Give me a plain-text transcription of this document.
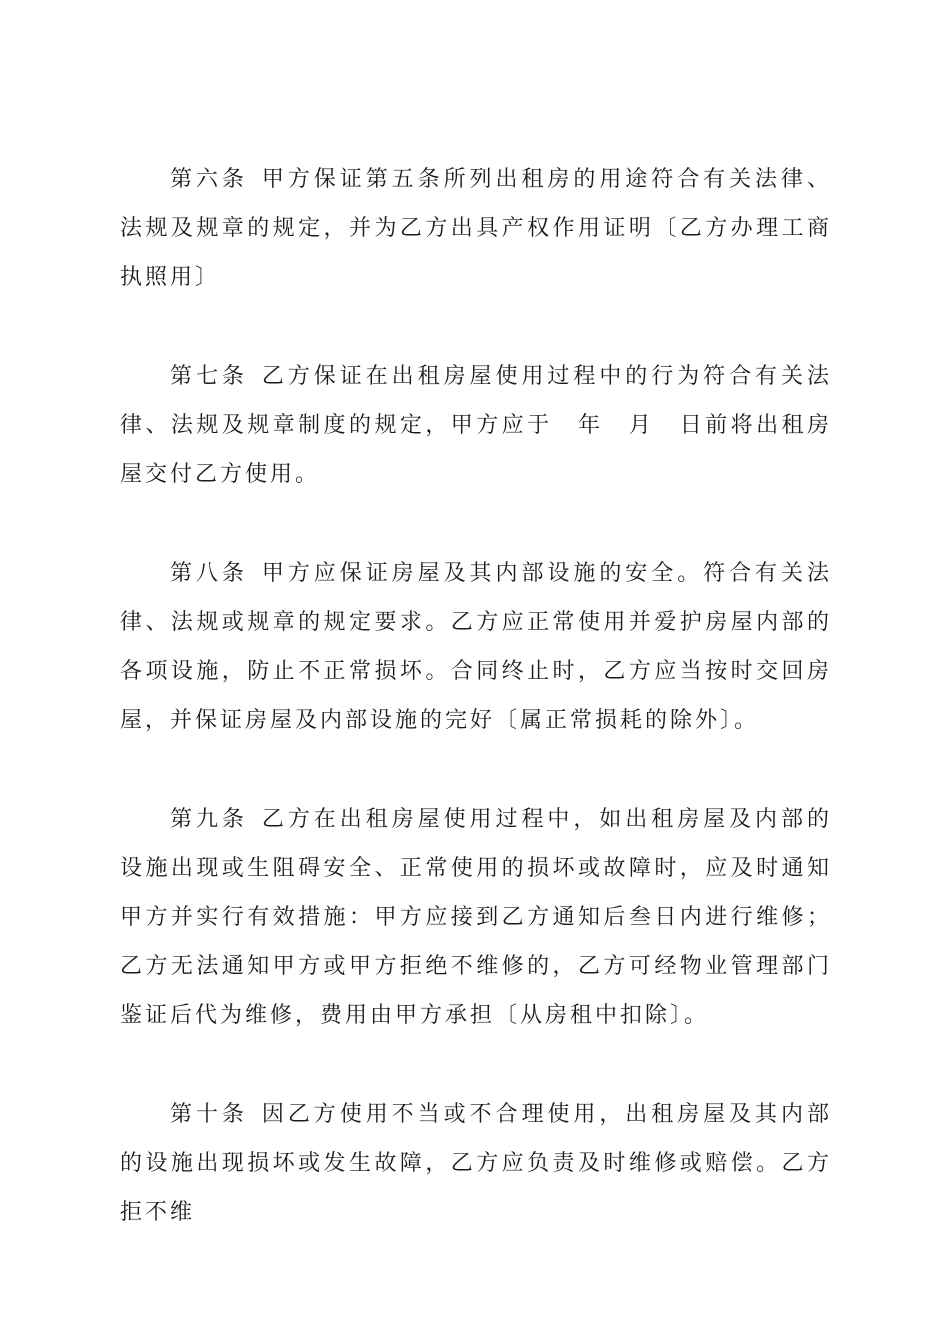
第六条 甲方保证第五条所列出租房的用途符合有关法律、法规及规章的规定，并为乙方出具产权作用证明〔乙方办理工商执照用〕

第七条 乙方保证在出租房屋使用过程中的行为符合有关法律、法规及规章制度的规定，甲方应于　年　月　日前将出租房屋交付乙方使用。

第八条 甲方应保证房屋及其内部设施的安全。符合有关法律、法规或规章的规定要求。乙方应正常使用并爱护房屋内部的各项设施，防止不正常损坏。合同终止时，乙方应当按时交回房屋，并保证房屋及内部设施的完好〔属正常损耗的除外〕。

第九条 乙方在出租房屋使用过程中，如出租房屋及内部的设施出现或生阻碍安全、正常使用的损坏或故障时，应及时通知甲方并实行有效措施：甲方应接到乙方通知后叁日内进行维修；乙方无法通知甲方或甲方拒绝不维修的，乙方可经物业管理部门鉴证后代为维修，费用由甲方承担〔从房租中扣除〕。

第十条 因乙方使用不当或不合理使用，出租房屋及其内部的设施出现损坏或发生故障，乙方应负责及时维修或赔偿。乙方拒不维
